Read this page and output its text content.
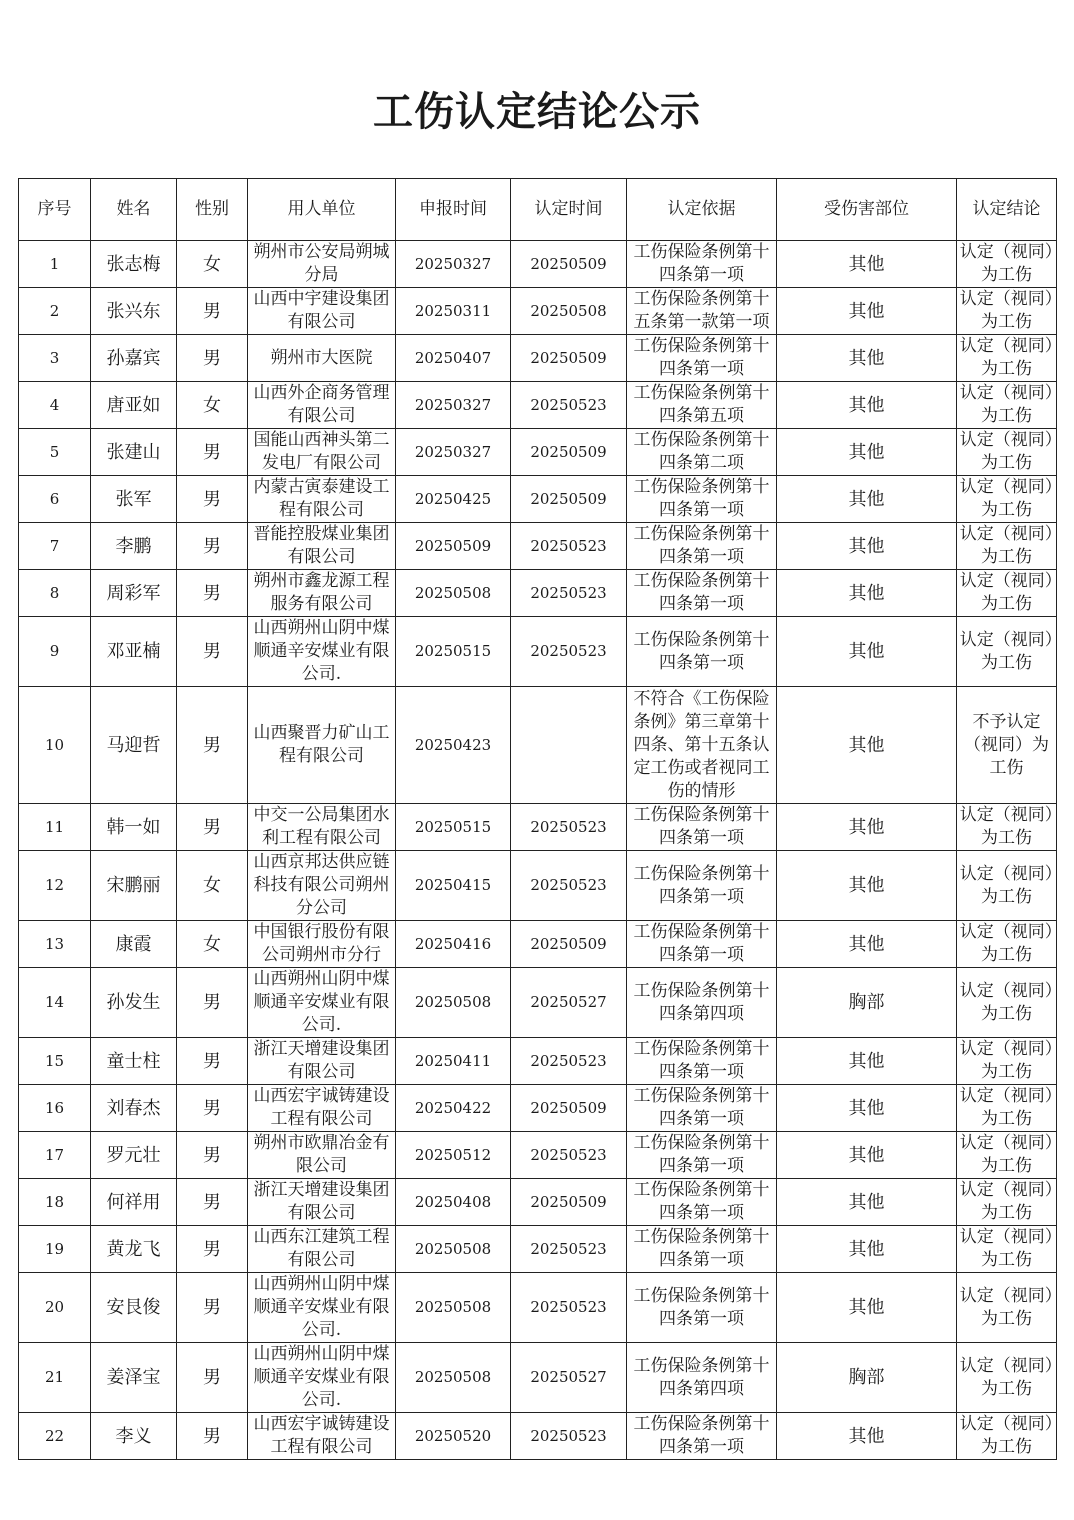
工伤认定结论公示
序号	姓名	性别	用人单位	申报时间	认定时间	认定依据	受伤害部位	认定结论
1	张志梅	女	朔州市公安局朔城分局	20250327	20250509	工伤保险条例第十四条第一项	其他	认定（视同）为工伤
2	张兴东	男	山西中宇建设集团有限公司	20250311	20250508	工伤保险条例第十五条第一款第一项	其他	认定（视同）为工伤
3	孙嘉宾	男	朔州市大医院	20250407	20250509	工伤保险条例第十四条第一项	其他	认定（视同）为工伤
4	唐亚如	女	山西外企商务管理有限公司	20250327	20250523	工伤保险条例第十四条第五项	其他	认定（视同）为工伤
5	张建山	男	国能山西神头第二发电厂有限公司	20250327	20250509	工伤保险条例第十四条第二项	其他	认定（视同）为工伤
6	张军	男	内蒙古寅泰建设工程有限公司	20250425	20250509	工伤保险条例第十四条第一项	其他	认定（视同）为工伤
7	李鹏	男	晋能控股煤业集团有限公司	20250509	20250523	工伤保险条例第十四条第一项	其他	认定（视同）为工伤
8	周彩军	男	朔州市鑫龙源工程服务有限公司	20250508	20250523	工伤保险条例第十四条第一项	其他	认定（视同）为工伤
9	邓亚楠	男	山西朔州山阴中煤顺通辛安煤业有限公司.	20250515	20250523	工伤保险条例第十四条第一项	其他	认定（视同）为工伤
10	马迎哲	男	山西聚晋力矿山工程有限公司	20250423		不符合《工伤保险条例》第三章第十四条、第十五条认定工伤或者视同工伤的情形	其他	不予认定（视同）为工伤
11	韩一如	男	中交一公局集团水利工程有限公司	20250515	20250523	工伤保险条例第十四条第一项	其他	认定（视同）为工伤
12	宋鹏丽	女	山西京邦达供应链科技有限公司朔州分公司	20250415	20250523	工伤保险条例第十四条第一项	其他	认定（视同）为工伤
13	康霞	女	中国银行股份有限公司朔州市分行	20250416	20250509	工伤保险条例第十四条第一项	其他	认定（视同）为工伤
14	孙发生	男	山西朔州山阴中煤顺通辛安煤业有限公司.	20250508	20250527	工伤保险条例第十四条第四项	胸部	认定（视同）为工伤
15	童士柱	男	浙江天增建设集团有限公司	20250411	20250523	工伤保险条例第十四条第一项	其他	认定（视同）为工伤
16	刘春杰	男	山西宏宇诚铸建设工程有限公司	20250422	20250509	工伤保险条例第十四条第一项	其他	认定（视同）为工伤
17	罗元壮	男	朔州市欧鼎冶金有限公司	20250512	20250523	工伤保险条例第十四条第一项	其他	认定（视同）为工伤
18	何祥用	男	浙江天增建设集团有限公司	20250408	20250509	工伤保险条例第十四条第一项	其他	认定（视同）为工伤
19	黄龙飞	男	山西东江建筑工程有限公司	20250508	20250523	工伤保险条例第十四条第一项	其他	认定（视同）为工伤
20	安艮俊	男	山西朔州山阴中煤顺通辛安煤业有限公司.	20250508	20250523	工伤保险条例第十四条第一项	其他	认定（视同）为工伤
21	姜泽宝	男	山西朔州山阴中煤顺通辛安煤业有限公司.	20250508	20250527	工伤保险条例第十四条第四项	胸部	认定（视同）为工伤
22	李义	男	山西宏宇诚铸建设工程有限公司	20250520	20250523	工伤保险条例第十四条第一项	其他	认定（视同）为工伤
